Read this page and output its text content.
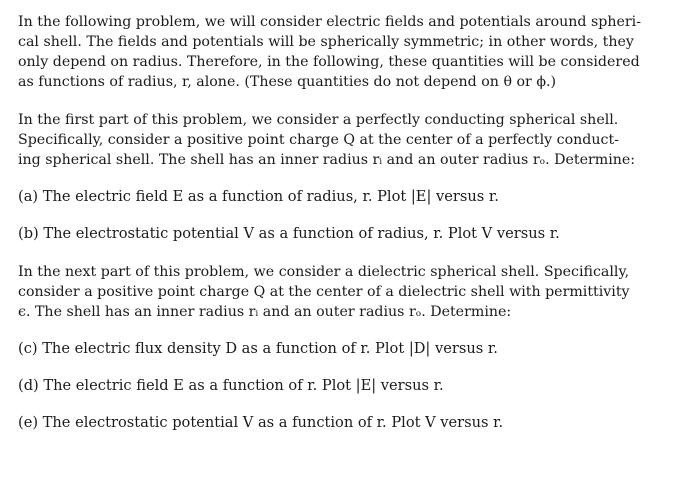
In the following problem, we will consider electric fields and potentials around spheri-
cal shell. The fields and potentials will be spherically symmetric; in other words, they
only depend on radius. Therefore, in the following, these quantities will be considered
as functions of radius, r, alone. (These quantities do not depend on θ or ϕ.)

In the first part of this problem, we consider a perfectly conducting spherical shell.
Specifically, consider a positive point charge Q at the center of a perfectly conduct-
ing spherical shell. The shell has an inner radius rᵢ and an outer radius rₒ. Determine:

(a) The electric field E as a function of radius, r. Plot |E| versus r.

(b) The electrostatic potential V as a function of radius, r. Plot V versus r.

In the next part of this problem, we consider a dielectric spherical shell. Specifically,
consider a positive point charge Q at the center of a dielectric shell with permittivity
ϵ. The shell has an inner radius rᵢ and an outer radius rₒ. Determine:

(c) The electric flux density D as a function of r. Plot |D| versus r.

(d) The electric field E as a function of r. Plot |E| versus r.

(e) The electrostatic potential V as a function of r. Plot V versus r.
